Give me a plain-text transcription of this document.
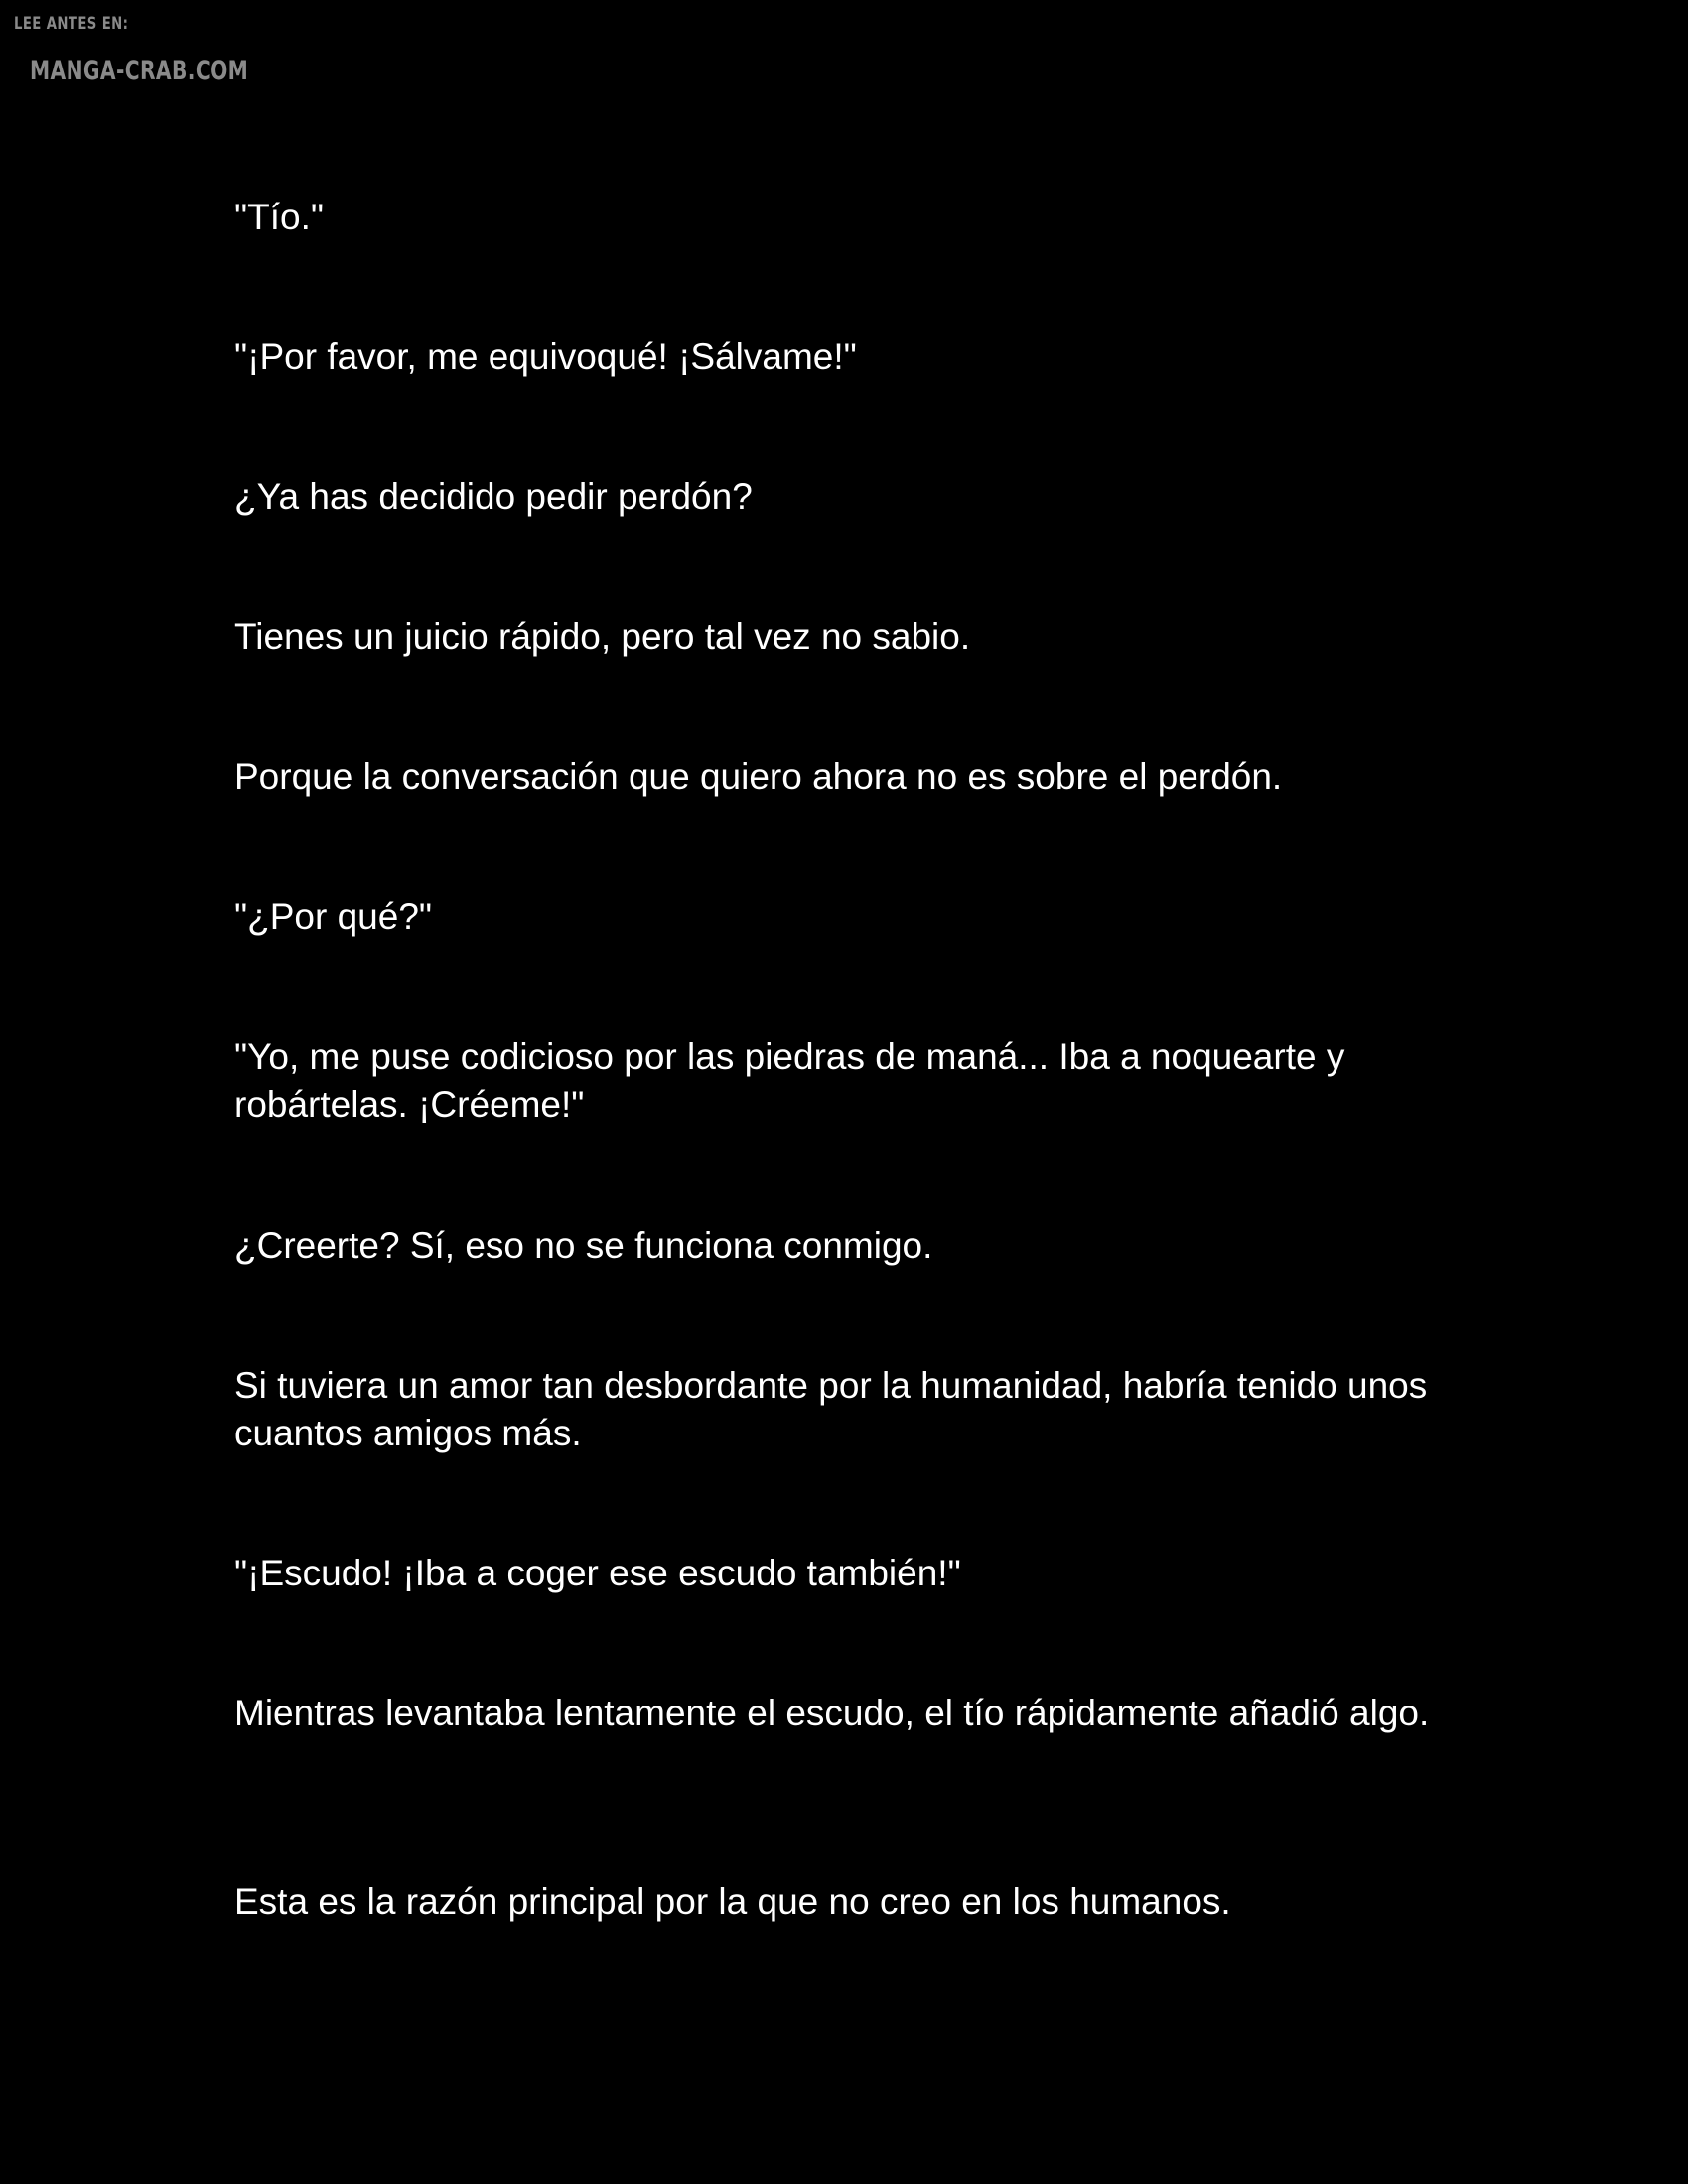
LEE ANTES EN:
MANGA-CRAB.COM

"Tío."

"¡Por favor, me equivoqué! ¡Sálvame!"

¿Ya has decidido pedir perdón?

Tienes un juicio rápido, pero tal vez no sabio.

Porque la conversación que quiero ahora no es sobre el perdón.

"¿Por qué?"

"Yo, me puse codicioso por las piedras de maná... Iba a noquearte y robártelas. ¡Créeme!"

¿Creerte? Sí, eso no se funciona conmigo.

Si tuviera un amor tan desbordante por la humanidad, habría tenido unos cuantos amigos más.

"¡Escudo! ¡Iba a coger ese escudo también!"

Mientras levantaba lentamente el escudo, el tío rápidamente añadió algo.

Esta es la razón principal por la que no creo en los humanos.
